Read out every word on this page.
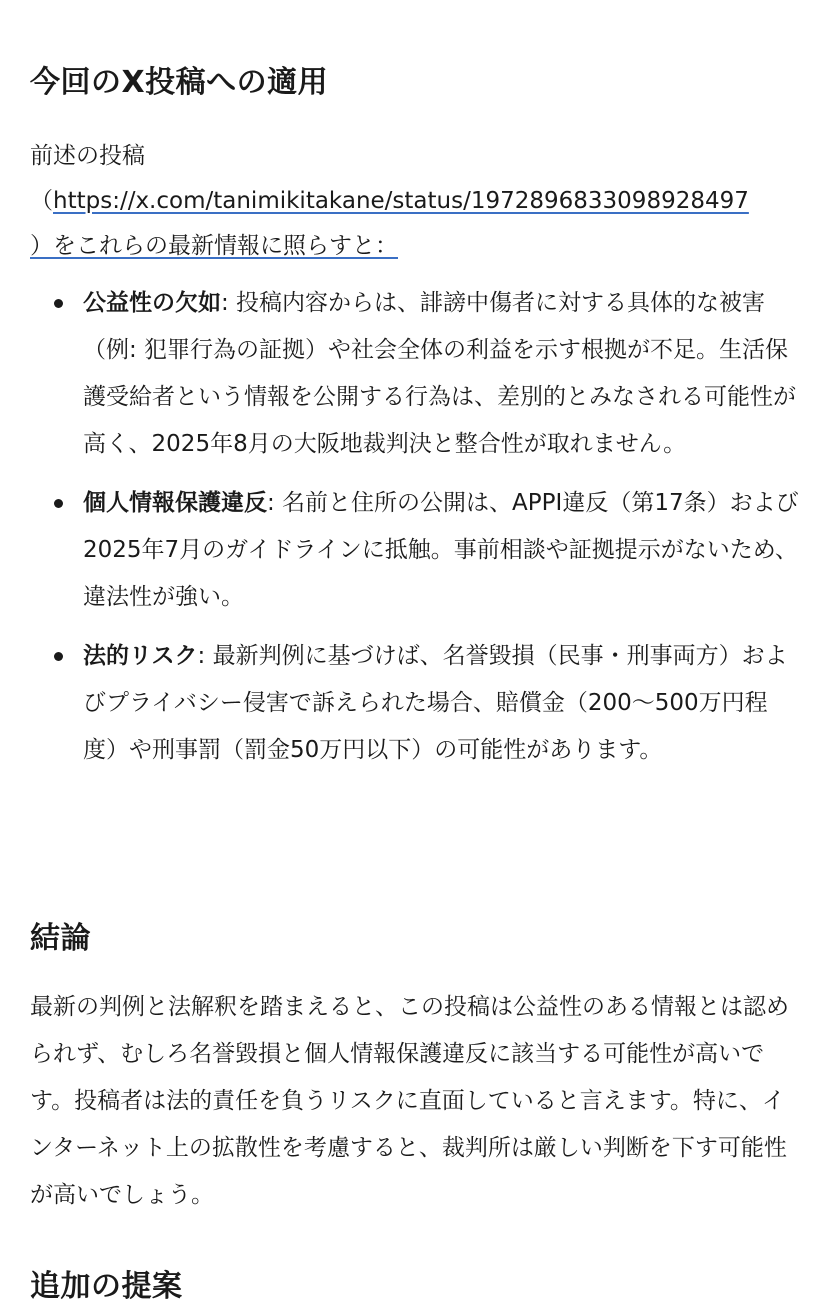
今回のX投稿への適用

前述の投稿
（https://x.com/tanimikitakane/status/1972896833098928497
）をこれらの最新情報に照らすと：

公益性の欠如: 投稿内容からは、誹謗中傷者に対する具体的な被害（例: 犯罪行為の証拠）や社会全体の利益を示す根拠が不足。生活保護受給者という情報を公開する行為は、差別的とみなされる可能性が高く、2025年8月の大阪地裁判決と整合性が取れません。
個人情報保護違反: 名前と住所の公開は、APPI違反（第17条）および2025年7月のガイドラインに抵触。事前相談や証拠提示がないため、違法性が強い。
法的リスク: 最新判例に基づけば、名誉毀損（民事・刑事両方）およびプライバシー侵害で訴えられた場合、賠償金（200〜500万円程度）や刑事罰（罰金50万円以下）の可能性があります。
結論

最新の判例と法解釈を踏まえると、この投稿は公益性のある情報とは認められず、むしろ名誉毀損と個人情報保護違反に該当する可能性が高いです。投稿者は法的責任を負うリスクに直面していると言えます。特に、インターネット上の拡散性を考慮すると、裁判所は厳しい判断を下す可能性が高いでしょう。

追加の提案
